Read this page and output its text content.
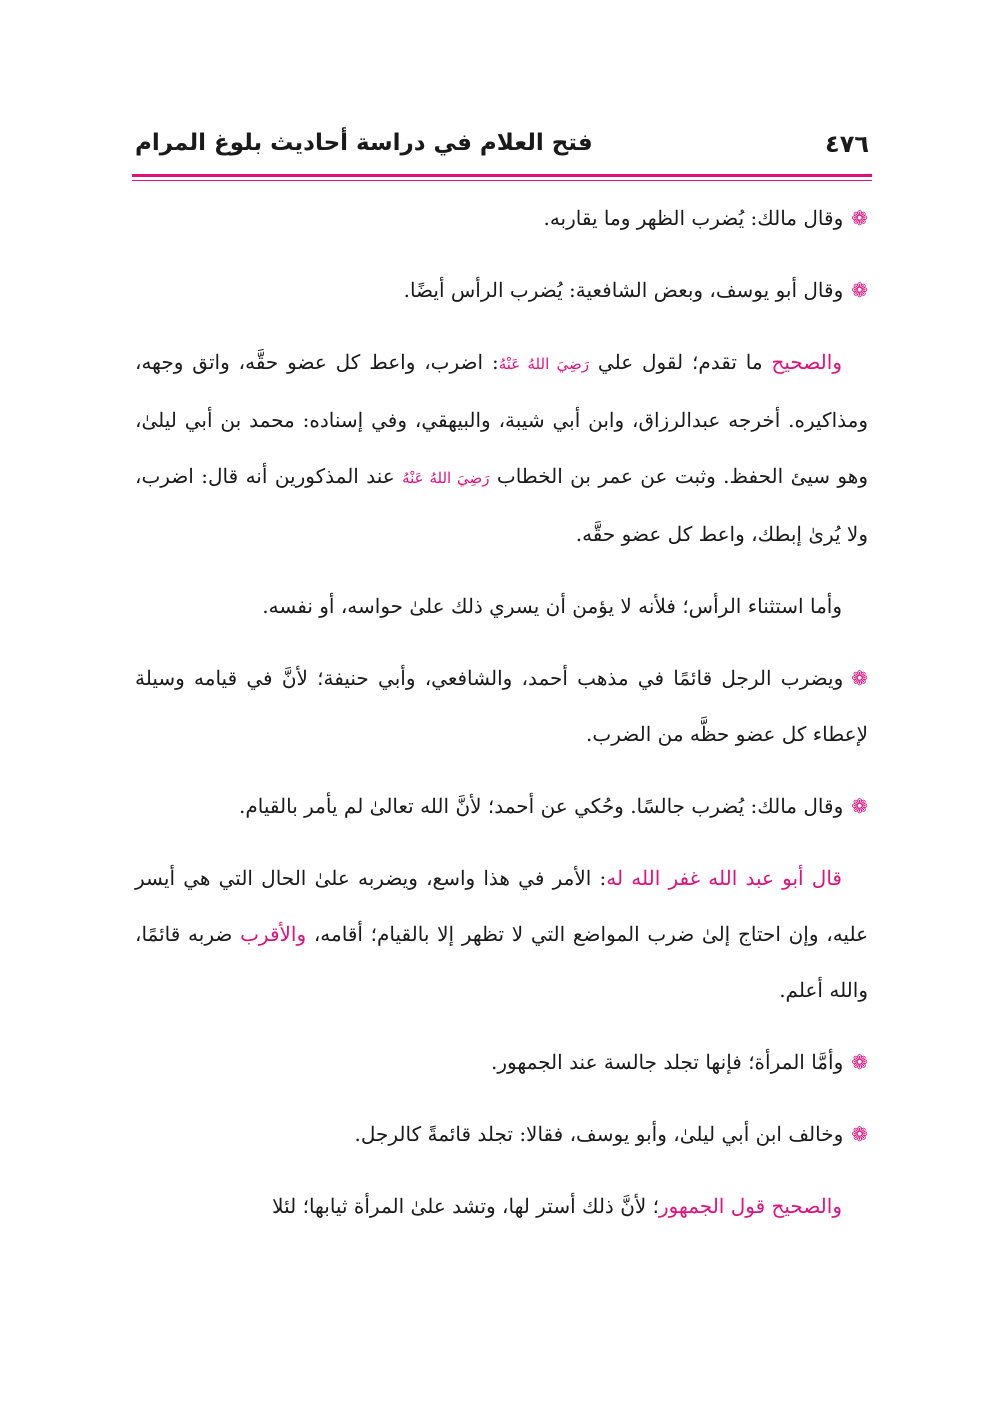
٤٧٦
فتح العلام في دراسة أحاديث بلوغ المرام

❁وقال مالك: يُضرب الظهر وما يقاربه.

❁وقال أبو يوسف، وبعض الشافعية: يُضرب الرأس أيضًا.

والصحيح ما تقدم؛ لقول علي رَضِيَ اللهُ عَنْهُ: اضرب، واعط كل عضو حقَّه، واتق وجهه، ومذاكيره. أخرجه عبدالرزاق، وابن أبي شيبة، والبيهقي، وفي إسناده: محمد بن أبي ليلىٰ، وهو سيئ الحفظ. وثبت عن عمر بن الخطاب رَضِيَ اللهُ عَنْهُ عند المذكورين أنه قال: اضرب، ولا يُرىٰ إبطك، واعط كل عضو حقَّه.

وأما استثناء الرأس؛ فلأنه لا يؤمن أن يسري ذلك علىٰ حواسه، أو نفسه.

❁ويضرب الرجل قائمًا في مذهب أحمد، والشافعي، وأبي حنيفة؛ لأنَّ في قيامه وسيلة لإعطاء كل عضو حظَّه من الضرب.

❁وقال مالك: يُضرب جالسًا. وحُكي عن أحمد؛ لأنَّ الله تعالىٰ لم يأمر بالقيام.

قال أبو عبد الله غفر الله له: الأمر في هذا واسع، ويضربه علىٰ الحال التي هي أيسر عليه، وإن احتاج إلىٰ ضرب المواضع التي لا تظهر إلا بالقيام؛ أقامه، والأقرب ضربه قائمًا، والله أعلم.

❁وأمَّا المرأة؛ فإنها تجلد جالسة عند الجمهور.

❁وخالف ابن أبي ليلىٰ، وأبو يوسف، فقالا: تجلد قائمةً كالرجل.

والصحيح قول الجمهور؛ لأنَّ ذلك أستر لها، وتشد علىٰ المرأة ثيابها؛ لئلا
